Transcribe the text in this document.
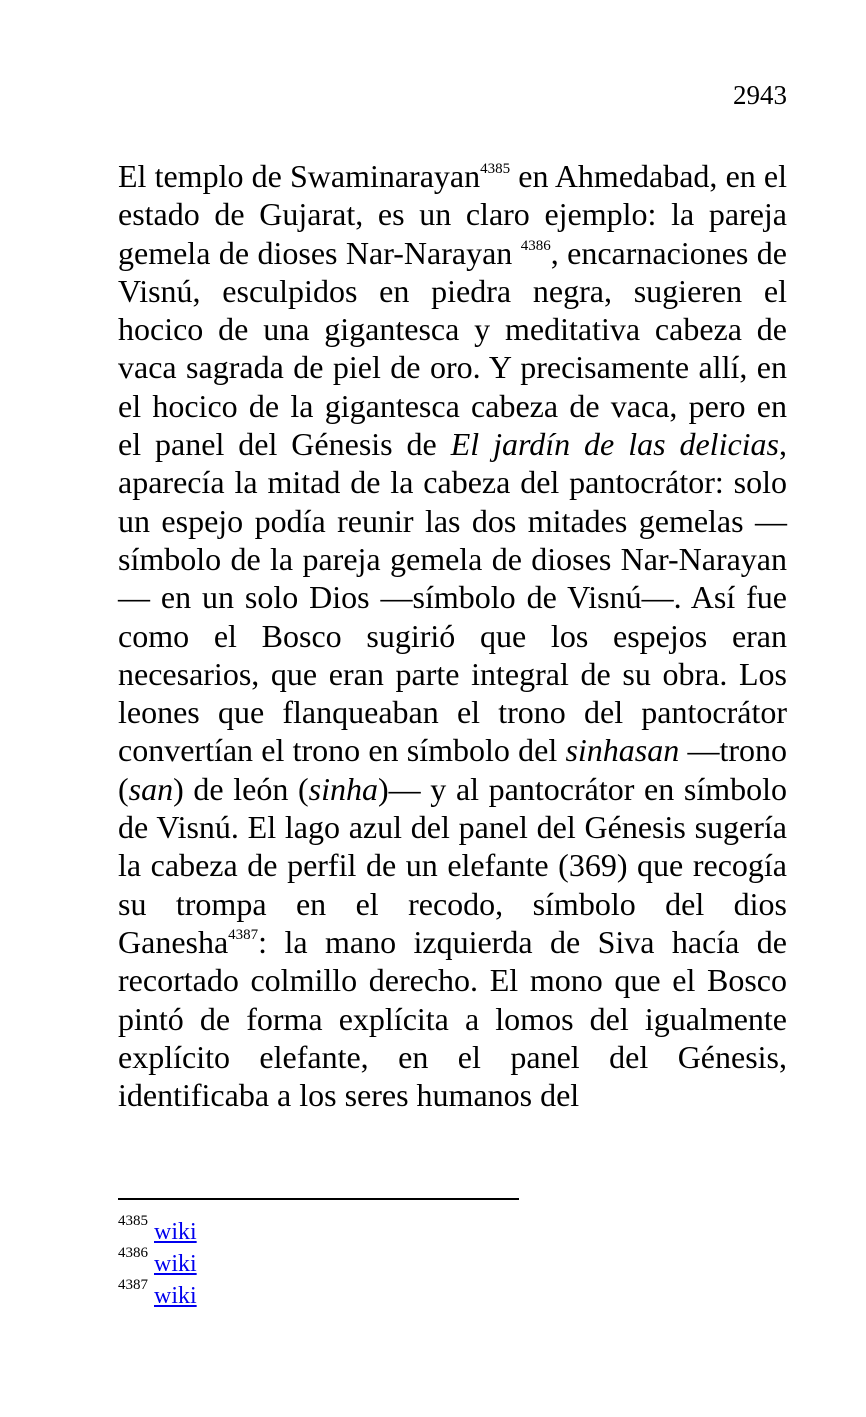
2943

El templo de Swaminarayan$^{4385}$ en Ahmedabad, en el estado de Gujarat, es un claro ejemplo: la pareja gemela de dioses Nar-Narayan $^{4386}$, encarnaciones de Visnú, esculpidos en piedra negra, sugieren el hocico de una gigantesca y meditativa cabeza de vaca sagrada de piel de oro. Y precisamente allí, en el hocico de la gigantesca cabeza de vaca, pero en el panel del Génesis de El jardín de las delicias, aparecía la mitad de la cabeza del pantocrátor: solo un espejo podía reunir las dos mitades gemelas —símbolo de la pareja gemela de dioses Nar-Narayan— en un solo Dios —símbolo de Visnú—. Así fue como el Bosco sugirió que los espejos eran necesarios, que eran parte integral de su obra. Los leones que flanqueaban el trono del pantocrátor convertían el trono en símbolo del sinhasan —trono (san) de león (sinha)— y al pantocrátor en símbolo de Visnú. El lago azul del panel del Génesis sugería la cabeza de perfil de un elefante (369) que recogía su trompa en el recodo, símbolo del dios Ganesha$^{4387}$: la mano izquierda de Siva hacía de recortado colmillo derecho. El mono que el Bosco pintó de forma explícita a lomos del igualmente explícito elefante, en el panel del Génesis, identificaba a los seres humanos del

$^{4385}$ wiki
$^{4386}$ wiki
$^{4387}$ wiki
